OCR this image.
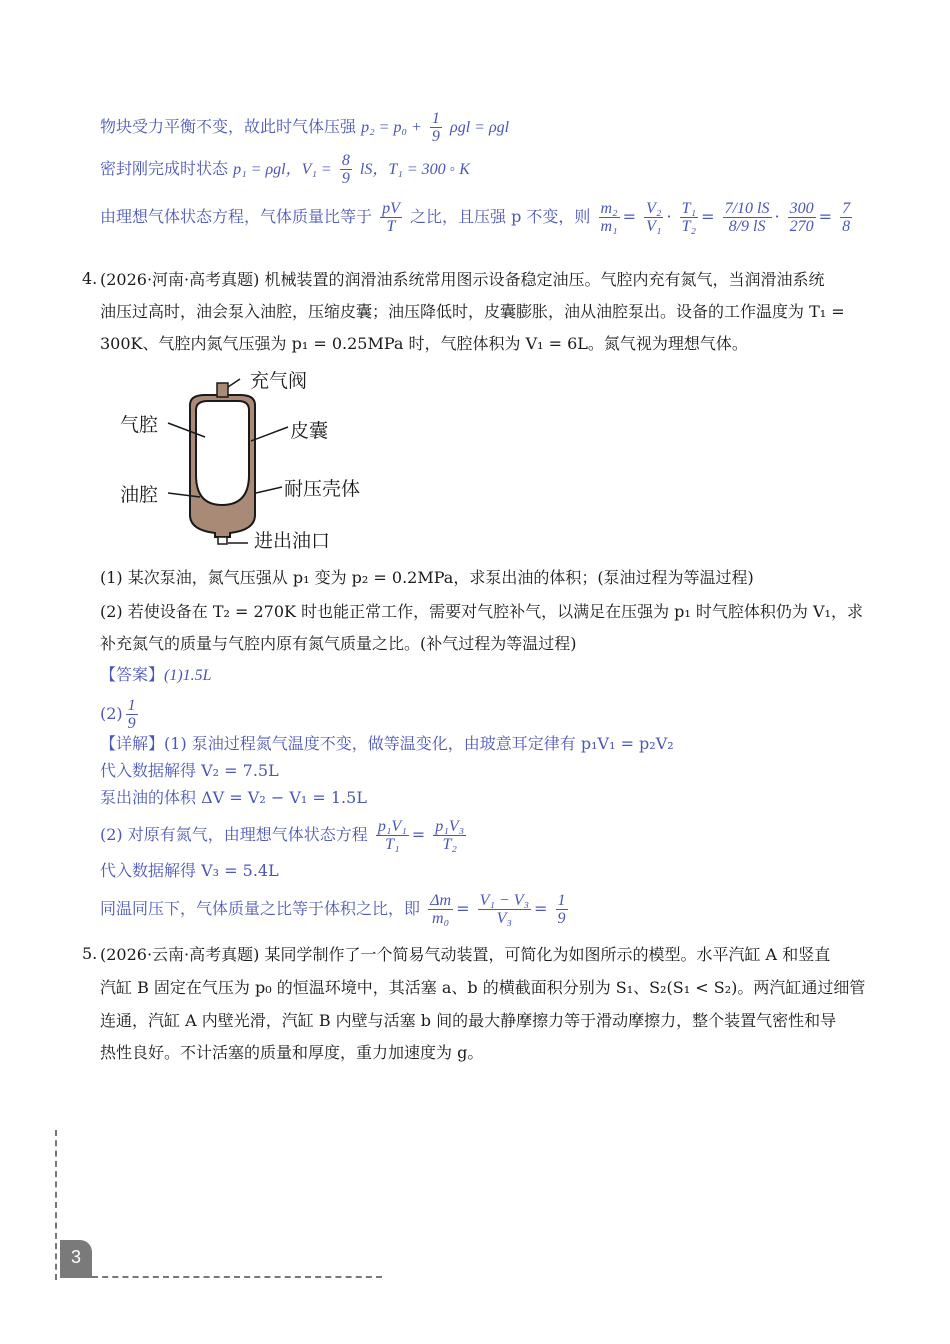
物块受力平衡不变，故此时气体压强 $p_2 = p_0 + \frac{1}{9}$ ρgl = ρgl
密封刚完成时状态 p₁ = ρgl，$V_1 = \frac{8}{9}$ lS，T₁ = 300 ◦ K
由理想气体状态方程，气体质量比等于 $\frac{pV}{T}$ 之比，且压强 p 不变，则 $\frac{\text{m₂}}{\text{m₁}} = \frac{\text{V₂}}{\text{V₁}} \cdot \frac{\text{T₁}}{\text{T₂}} = \frac{7/10 lS}{8/9 lS} \cdot \frac{300}{270} = \frac{7}{8}$
4. (2026·河南·高考真题) 机械装置的润滑油系统常用图示设备稳定油压。气腔内充有氮气，当润滑油系统
油压过高时，油会泵入油腔，压缩皮囊；油压降低时，皮囊膨胀，油从油腔泵出。设备的工作温度为 T₁ =
300K、气腔内氮气压强为 p₁ = 0.25MPa 时，气腔体积为 V₁ = 6L。氮气视为理想气体。
充气阀
气腔	皮囊
油腔	耐压壳体
进出油口
(1) 某次泵油，氮气压强从 p₁ 变为 p₂ = 0.2MPa，求泵出油的体积；(泵油过程为等温过程)
(2) 若使设备在 T₂ = 270K 时也能正常工作，需要对气腔补气，以满足在压强为 p₁ 时气腔体积仍为 V₁，求
补充氮气的质量与气腔内原有氮气质量之比。(补气过程为等温过程)
【答案】(1)1.5L
$(2) \frac{1}{9}$
【详解】(1) 泵油过程氮气温度不变，做等温变化，由玻意耳定律有 p₁V₁ = p₂V₂
代入数据解得 V₂ = 7.5L
泵出油的体积 ΔV = V₂ − V₁ = 1.5L
(2) 对原有氮气，由理想气体状态方程 $\frac{\text{p₁V₁}}{\text{T₁}} = \frac{\text{p₁V₃}}{\text{T₂}}$
代入数据解得 V₃ = 5.4L
同温同压下，气体质量之比等于体积之比，即 $\frac{\Delta m}{\text{m₀}} = \frac{\text{V₁ − V₃}}{\text{V₃}} = \frac{1}{9}$
5. (2026·云南·高考真题) 某同学制作了一个简易气动装置，可简化为如图所示的模型。水平汽缸 A 和竖直
汽缸 B 固定在气压为 p₀ 的恒温环境中，其活塞 a、b 的横截面积分别为 S₁、S₂(S₁ < S₂)。两汽缸通过细管
连通，汽缸 A 内壁光滑，汽缸 B 内壁与活塞 b 间的最大静摩擦力等于滑动摩擦力，整个装置气密性和导
热性良好。不计活塞的质量和厚度，重力加速度为 g。
3
